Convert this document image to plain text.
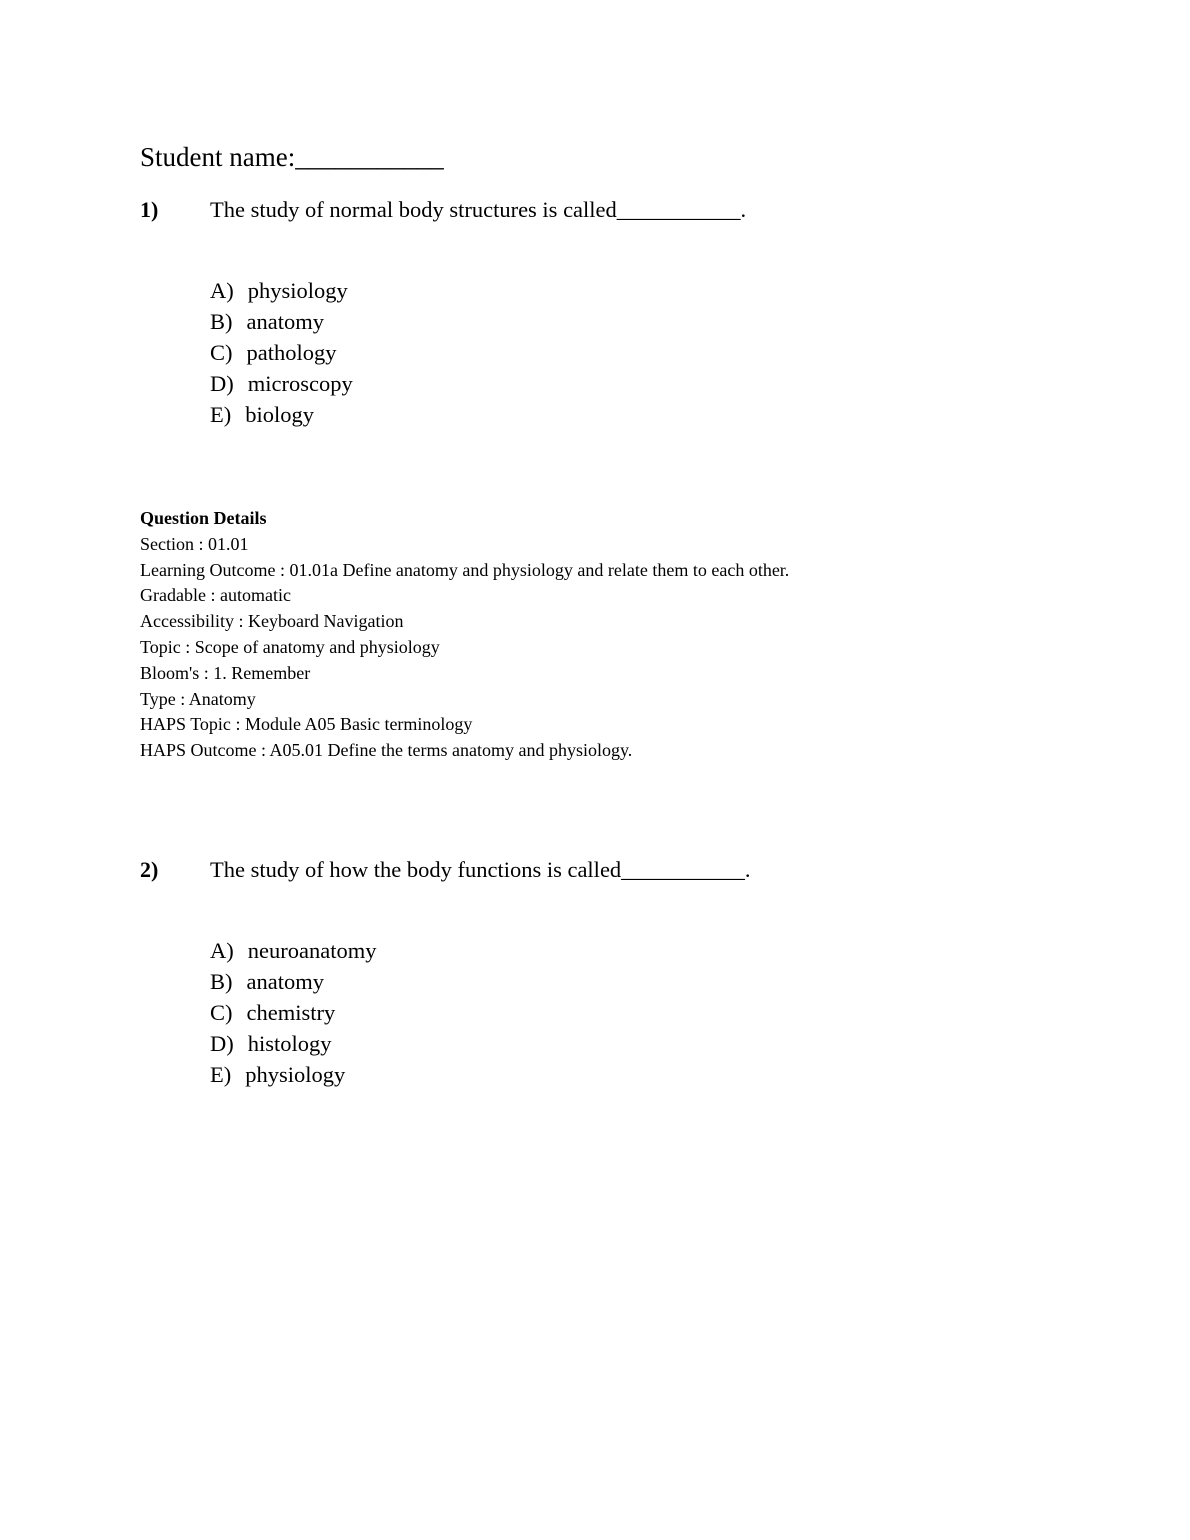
Student name:___________
1) The study of normal body structures is called___________.
A) physiology
B) anatomy
C) pathology
D) microscopy
E) biology
Question Details
Section : 01.01
Learning Outcome : 01.01a Define anatomy and physiology and relate them to each other.
Gradable : automatic
Accessibility : Keyboard Navigation
Topic : Scope of anatomy and physiology
Bloom's : 1. Remember
Type : Anatomy
HAPS Topic : Module A05 Basic terminology
HAPS Outcome : A05.01 Define the terms anatomy and physiology.
2) The study of how the body functions is called___________.
A) neuroanatomy
B) anatomy
C) chemistry
D) histology
E) physiology
